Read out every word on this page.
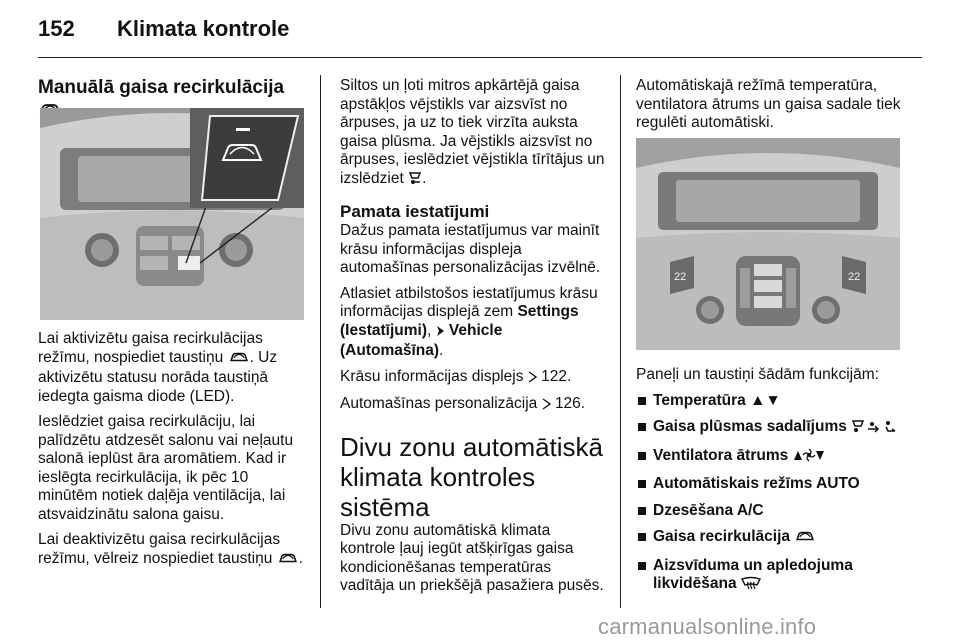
152 Klimata kontrole
Manuālā gaisa recirkulācija

Lai aktivizētu gaisa recirkulācijas režīmu, nospiediet taustiņu . Uz aktivizētu statusu norāda taustiņā iedegta gaisma diode (LED).

Ieslēdziet gaisa recirkulāciju, lai palīdzētu atdzesēt salonu vai neļautu salonā ieplūst āra aromātiem. Kad ir ieslēgta recirkulācija, ik pēc 10 minūtēm notiek daļēja ventilācija, lai atsvaidzinātu salona gaisu.

Lai deaktivizētu gaisa recirkulācijas režīmu, vēlreiz nospiediet taustiņu .

Siltos un ļoti mitros apkārtējā gaisa apstākļos vējstikls var aizsvīst no ārpuses, ja uz to tiek virzīta auksta gaisa plūsma. Ja vējstikls aizsvīst no ārpuses, ieslēdziet vējstikla tīrītājus un izslēdziet .

Pamata iestatījumi

Dažus pamata iestatījumus var mainīt krāsu informācijas displeja automašīnas personalizācijas izvēlnē.

Atlasiet atbilstošos iestatījumus krāsu informācijas displejā zem Settings (Iestatījumi),  Vehicle (Automašīna).

Krāsu informācijas displejs 122.

Automašīnas personalizācija 126.

Divu zonu automātiskā klimata kontroles sistēma

Divu zonu automātiskā klimata kontrole ļauj iegūt atšķirīgas gaisa kondicionēšanas temperatūras vadītāja un priekšējā pasažiera pusēs.

Automātiskajā režīmā temperatūra, ventilatora ātrums un gaisa sadale tiek regulēti automātiski.

22	22

Paneļi un taustiņi šādām funkcijām:

Temperatūra ▲▼
Gaisa plūsmas sadalījums
Ventilatora ātrums
Automātiskais režīms AUTO
Dzesēšana A/C
Gaisa recirkulācija
Aizsvīduma un apledojuma likvidēšana
carmanualsonline.info
